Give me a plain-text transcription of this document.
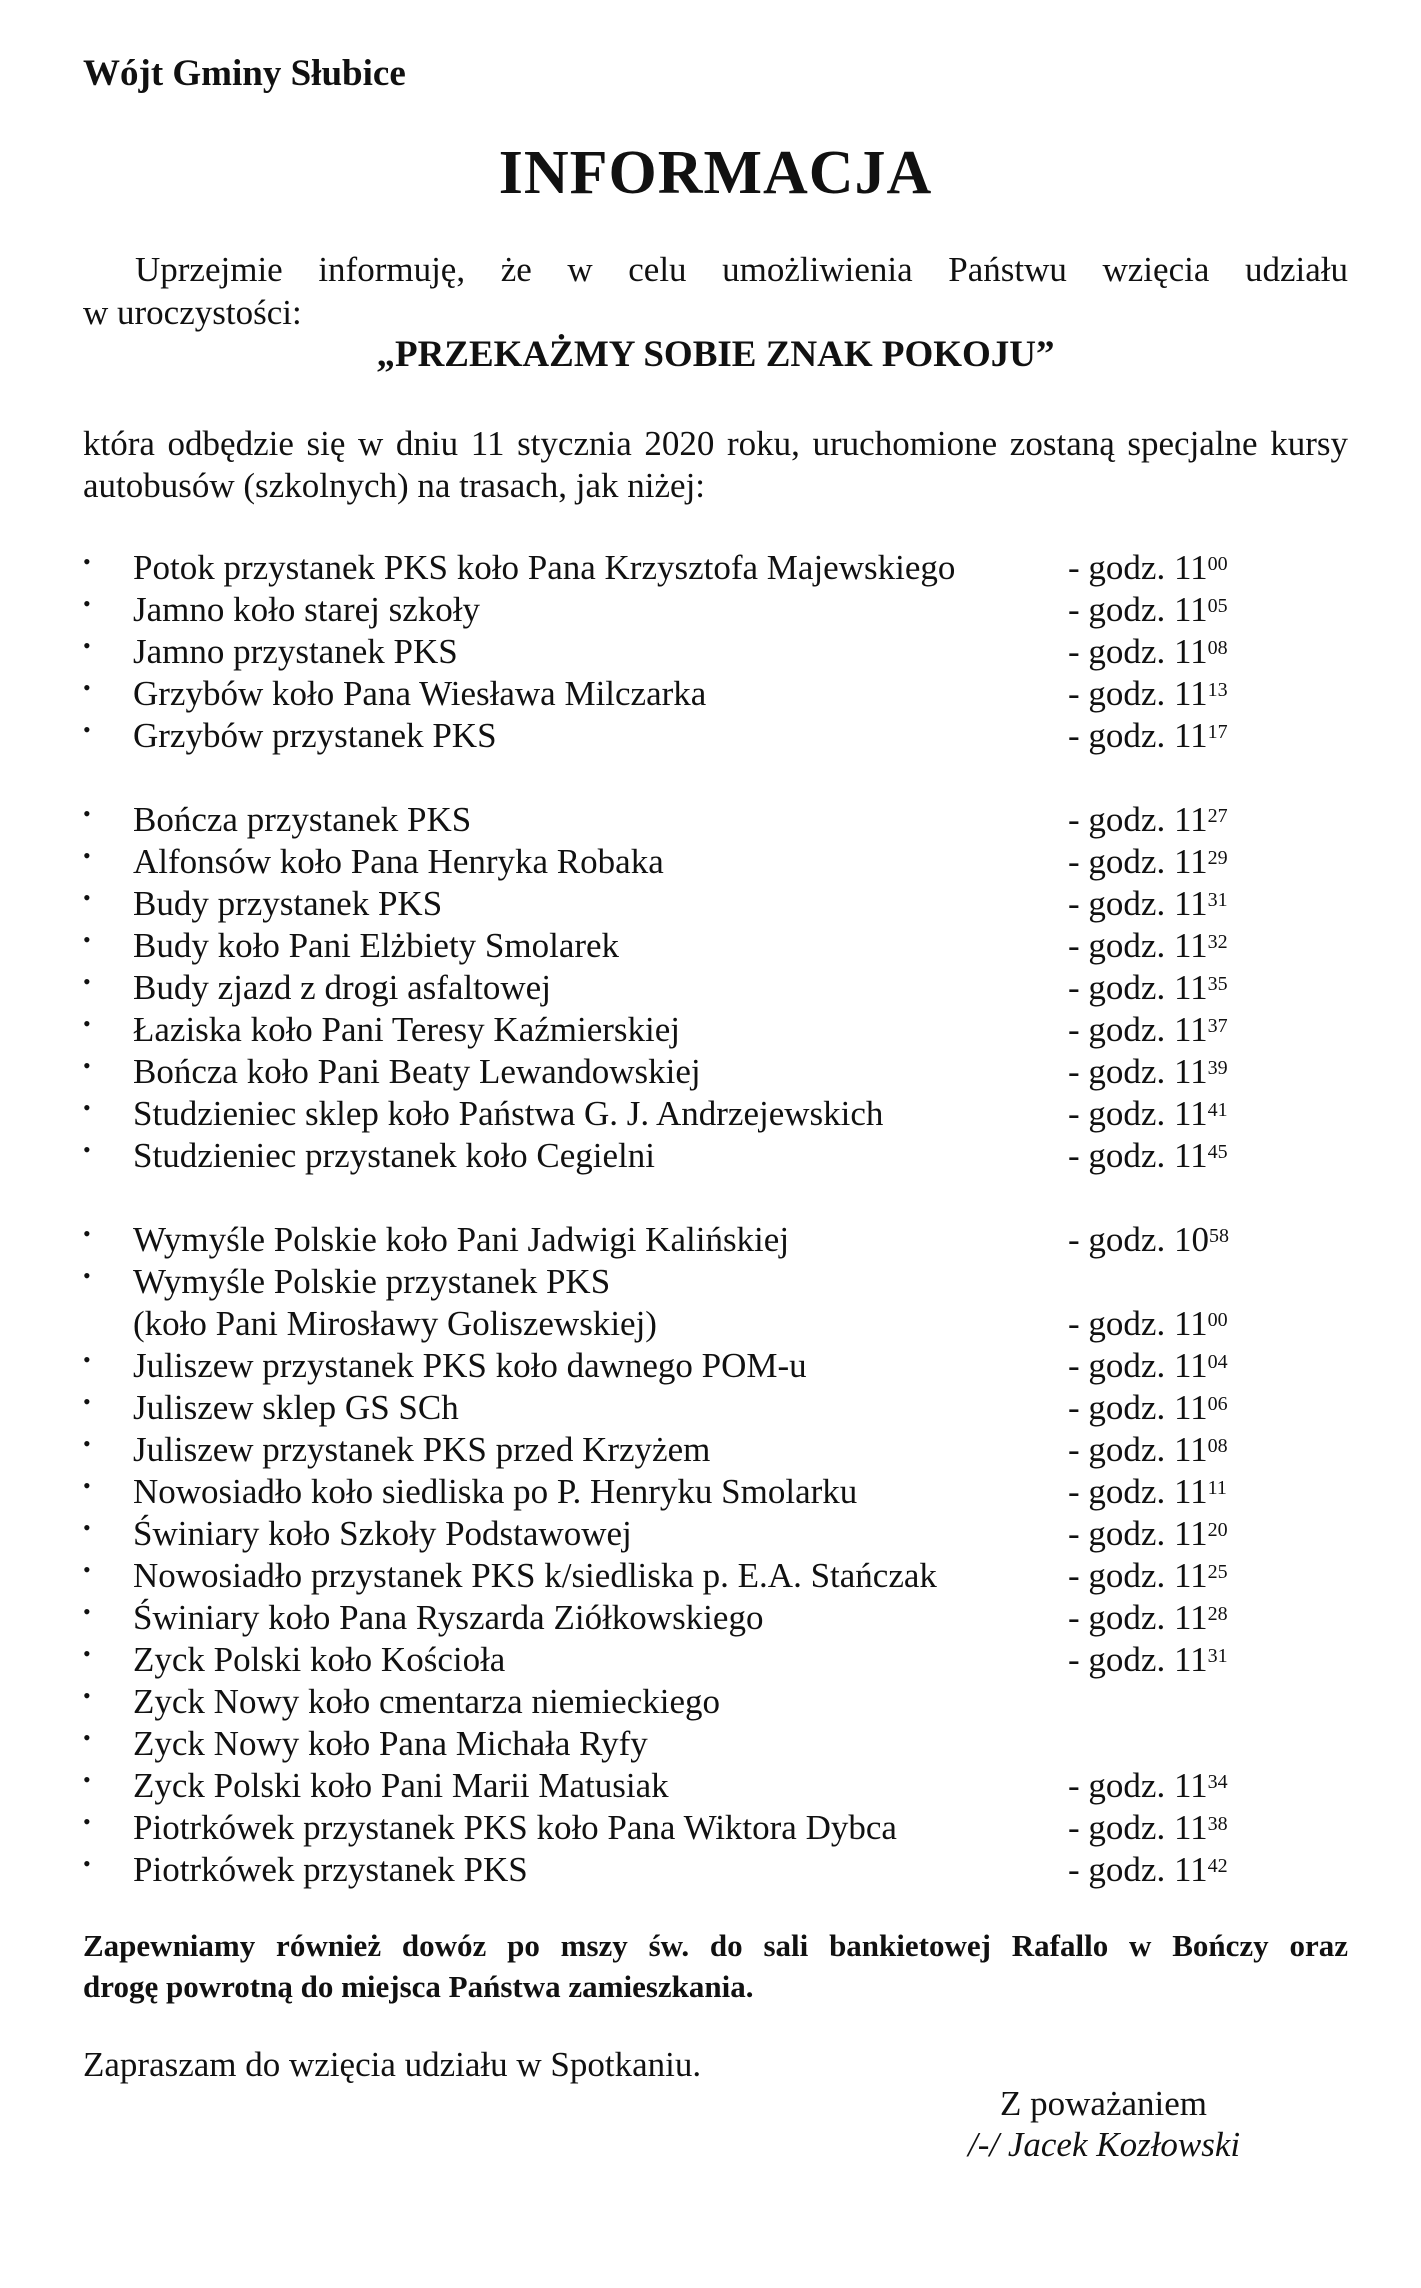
Wójt Gminy Słubice
INFORMACJA
Uprzejmie informuję, że w celu umożliwienia Państwu wzięcia udziału
w uroczystości:
„PRZEKAŻMY SOBIE ZNAK POKOJU”
która odbędzie się w dniu 11 stycznia 2020 roku, uruchomione zostaną specjalne kursy
autobusów (szkolnych) na trasach, jak niżej:
• Potok przystanek PKS koło Pana Krzysztofa Majewskiego	- godz. $11^{00}$
• Jamno koło starej szkoły	- godz. $11^{05}$
• Jamno przystanek PKS	- godz. $11^{08}$
• Grzybów koło Pana Wiesława Milczarka	- godz. $11^{13}$
• Grzybów przystanek PKS	- godz. $11^{17}$
• Bończa przystanek PKS	- godz. $11^{27}$
• Alfonsów koło Pana Henryka Robaka	- godz. $11^{29}$
• Budy przystanek PKS	- godz. $11^{31}$
• Budy koło Pani Elżbiety Smolarek	- godz. $11^{32}$
• Budy zjazd z drogi asfaltowej	- godz. $11^{35}$
• Łaziska koło Pani Teresy Kaźmierskiej	- godz. $11^{37}$
• Bończa koło Pani Beaty Lewandowskiej	- godz. $11^{39}$
• Studzieniec sklep koło Państwa G. J. Andrzejewskich	- godz. $11^{41}$
• Studzieniec przystanek koło Cegielni	- godz. $11^{45}$
• Wymyśle Polskie koło Pani Jadwigi Kalińskiej	- godz. $10^{58}$
• Wymyśle Polskie przystanek PKS
(koło Pani Mirosławy Goliszewskiej)	- godz. $11^{00}$
• Juliszew przystanek PKS koło dawnego POM-u	- godz. $11^{04}$
• Juliszew sklep GS SCh	- godz. $11^{06}$
• Juliszew przystanek PKS przed Krzyżem	- godz. $11^{08}$
• Nowosiadło koło siedliska po P. Henryku Smolarku	- godz. $11^{11}$
• Świniary koło Szkoły Podstawowej	- godz. $11^{20}$
• Nowosiadło przystanek PKS k/siedliska p. E.A. Stańczak	- godz. $11^{25}$
• Świniary koło Pana Ryszarda Ziółkowskiego	- godz. $11^{28}$
• Zyck Polski koło Kościoła	- godz. $11^{31}$
• Zyck Nowy koło cmentarza niemieckiego
• Zyck Nowy koło Pana Michała Ryfy
• Zyck Polski koło Pani Marii Matusiak	- godz. $11^{34}$
• Piotrkówek przystanek PKS koło Pana Wiktora Dybca	- godz. $11^{38}$
• Piotrkówek przystanek PKS	- godz. $11^{42}$
Zapewniamy również dowóz po mszy św. do sali bankietowej Rafallo w Bończy oraz
drogę powrotną do miejsca Państwa zamieszkania.
Zapraszam do wzięcia udziału w Spotkaniu.
Z poważaniem
/-/ Jacek Kozłowski
